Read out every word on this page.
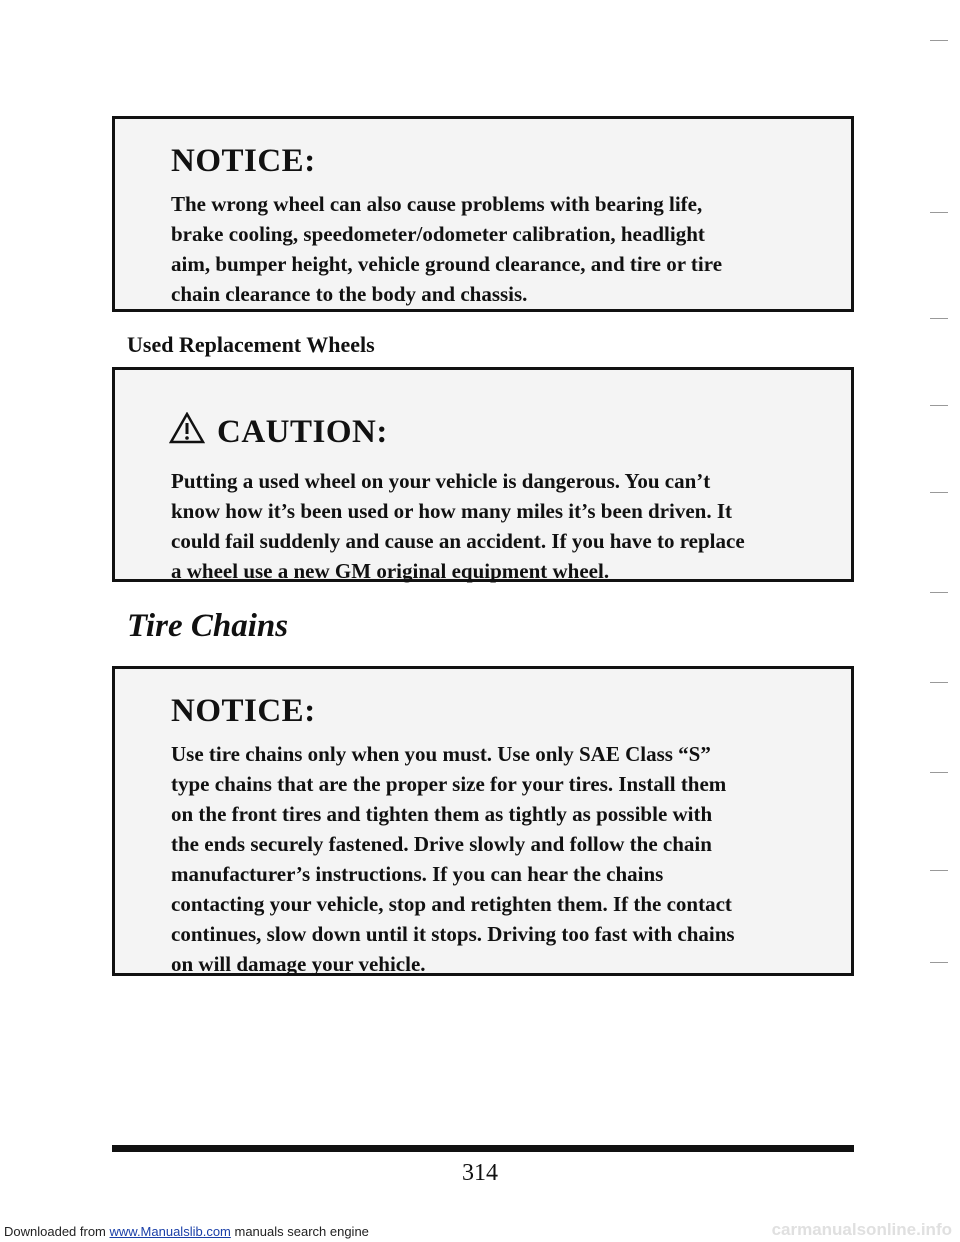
NOTICE:
The wrong wheel can also cause problems with bearing life,
brake cooling, speedometer/odometer calibration, headlight
aim, bumper height, vehicle ground clearance, and tire or tire
chain clearance to the body and chassis.
Used Replacement Wheels
CAUTION:
Putting a used wheel on your vehicle is dangerous. You can’t
know how it’s been used or how many miles it’s been driven. It
could fail suddenly and cause an accident. If you have to replace
a wheel use a new GM original equipment wheel.
Tire Chains
NOTICE:
Use tire chains only when you must. Use only SAE Class “S”
type chains that are the proper size for your tires. Install them
on the front tires and tighten them as tightly as possible with
the ends securely fastened. Drive slowly and follow the chain
manufacturer’s instructions. If you can hear the chains
contacting your vehicle, stop and retighten them. If the contact
continues, slow down until it stops. Driving too fast with chains
on will damage your vehicle.
314
Downloaded from www.Manualslib.com manuals search engine	carmanualsonline.info
